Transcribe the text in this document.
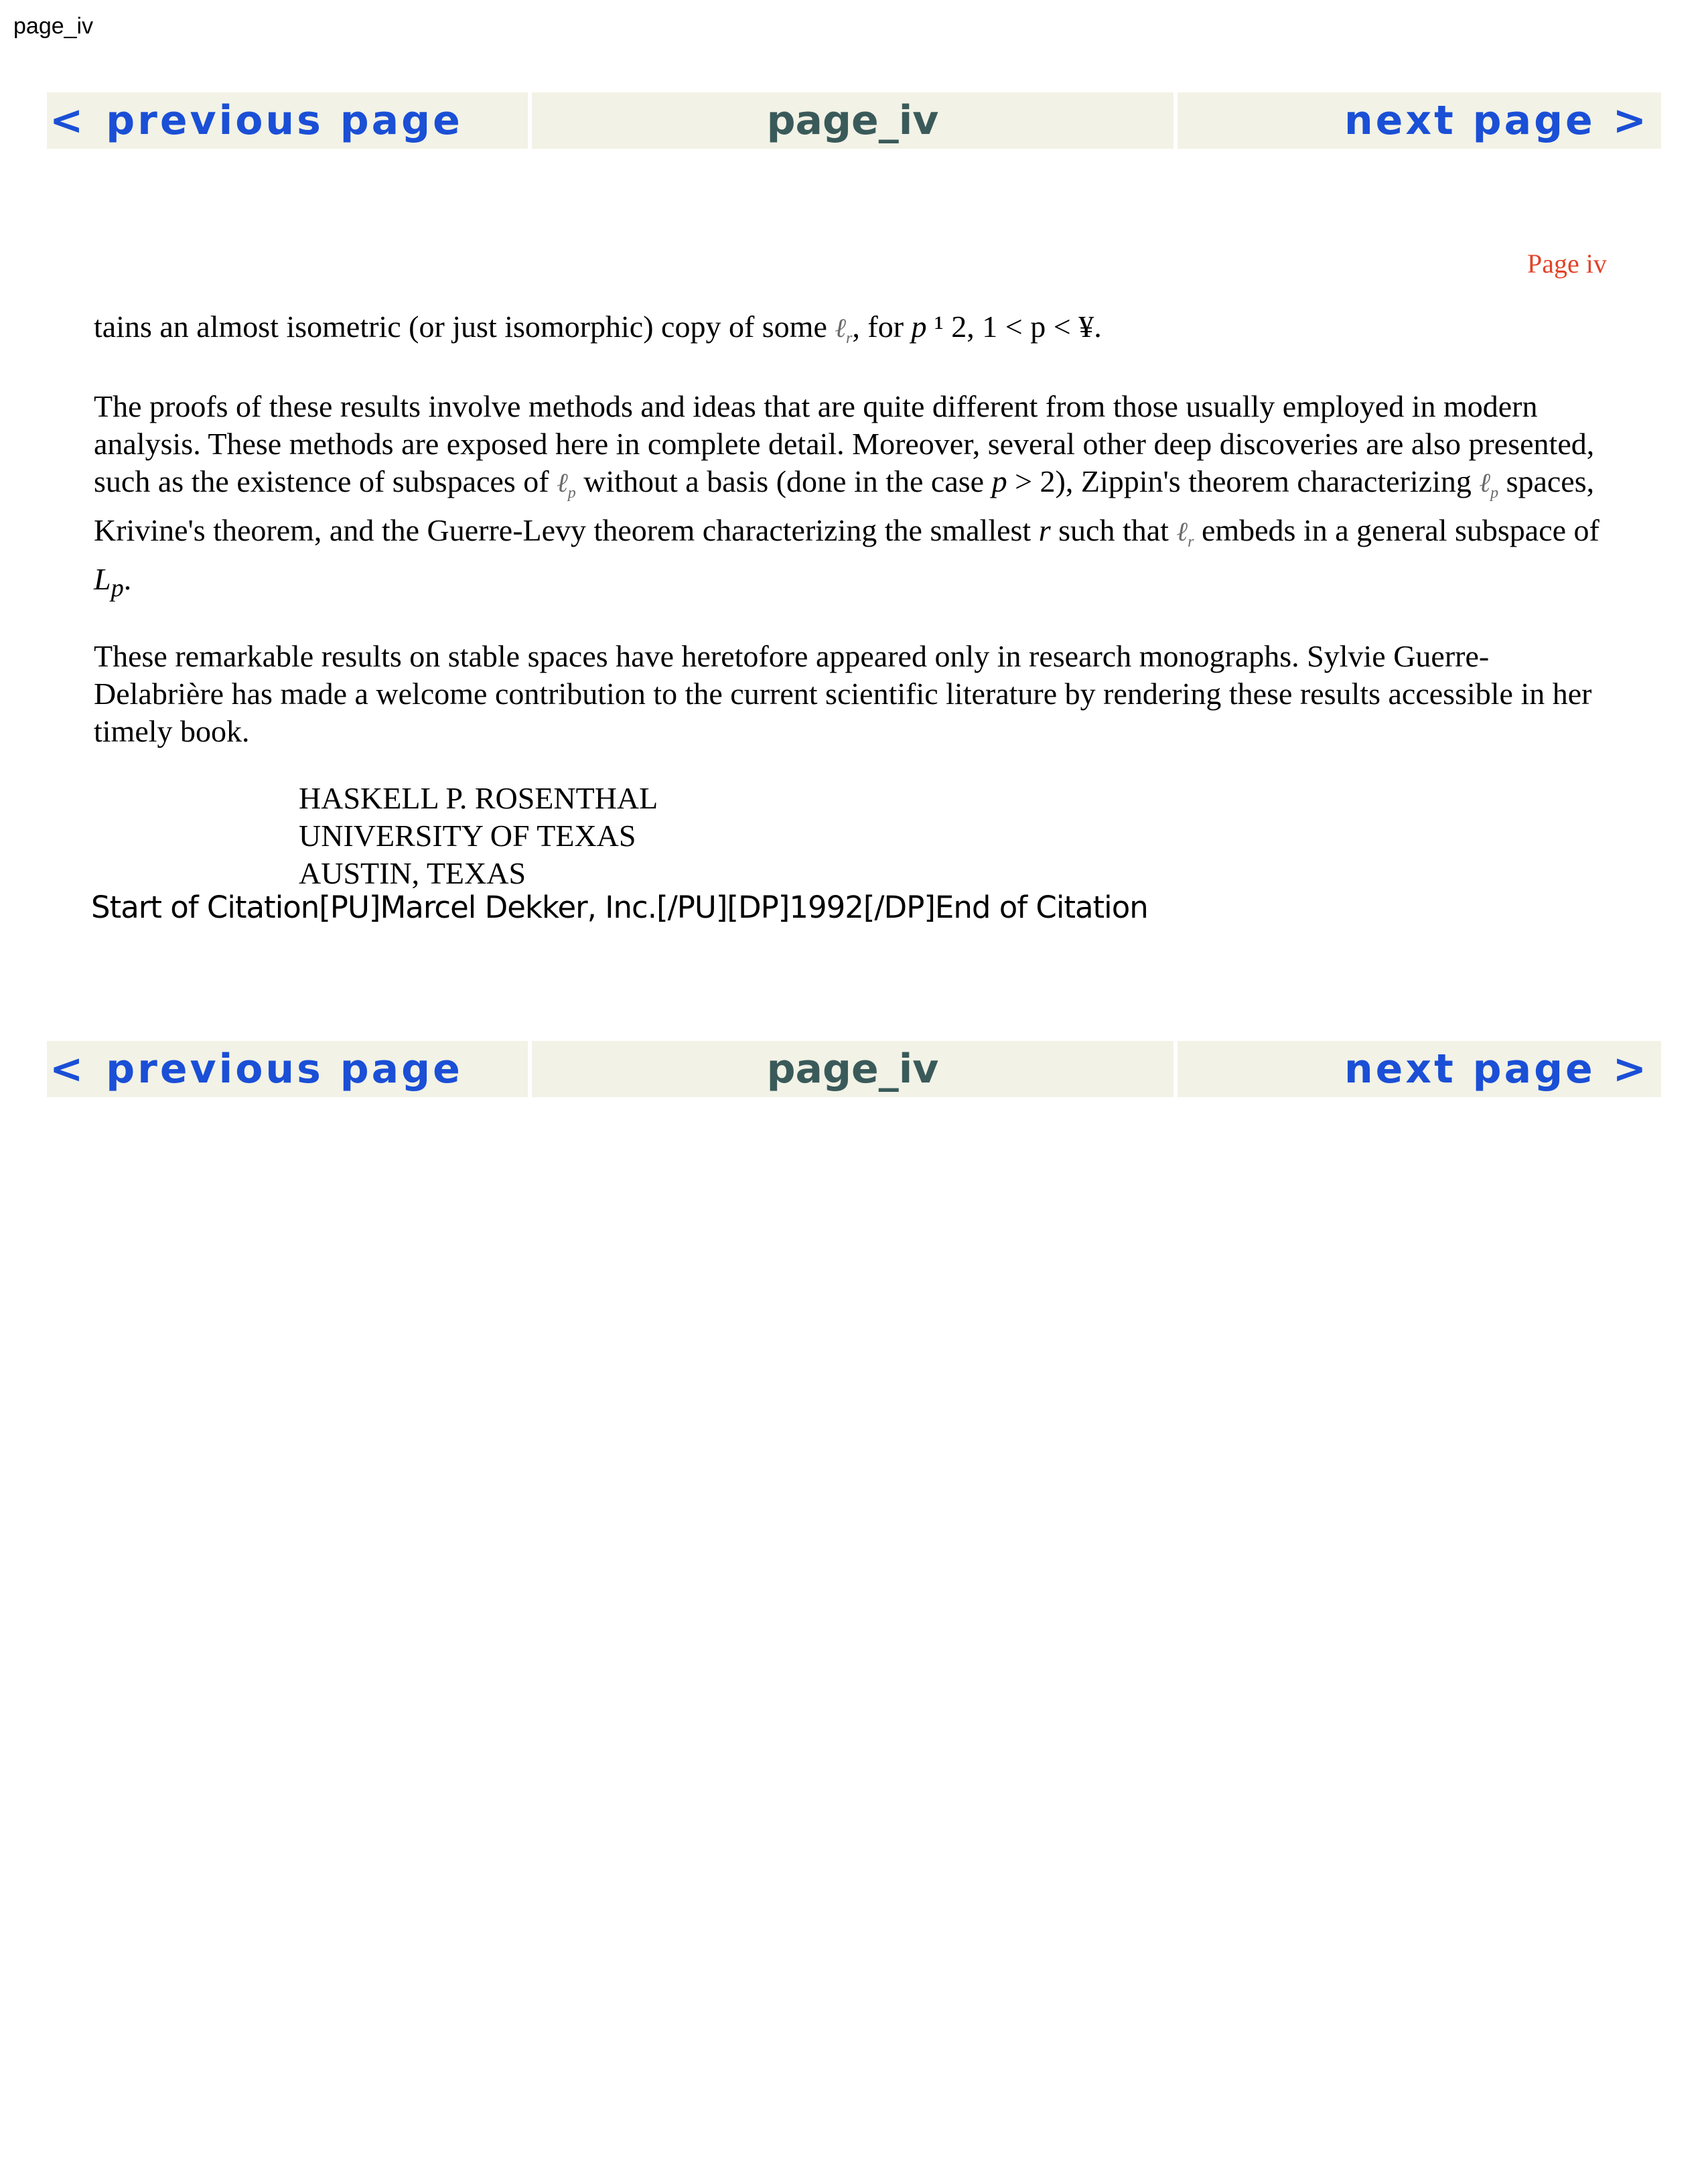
page_iv
< previous page	page_iv	next page >
Page iv

tains an almost isometric (or just isomorphic) copy of some ℓ$_r$, for p ¹ 2, 1 < p < ¥.

The proofs of these results involve methods and ideas that are quite different from those usually employed in modern analysis. These methods are exposed here in complete detail. Moreover, several other deep discoveries are also presented, such as the existence of subspaces of ℓ$_p$ without a basis (done in the case p > 2), Zippin's theorem characterizing ℓ$_p$ spaces, Krivine's theorem, and the Guerre-Levy theorem characterizing the smallest r such that ℓ$_r$ embeds in a general subspace of $L_p$.

These remarkable results on stable spaces have heretofore appeared only in research monographs. Sylvie Guerre-Delabrière has made a welcome contribution to the current scientific literature by rendering these results accessible in her timely book.

HASKELL P. ROSENTHAL
UNIVERSITY OF TEXAS
AUSTIN, TEXAS
Start of Citation[PU]Marcel Dekker, Inc.[/PU][DP]1992[/DP]End of Citation
< previous page	page_iv	next page >
